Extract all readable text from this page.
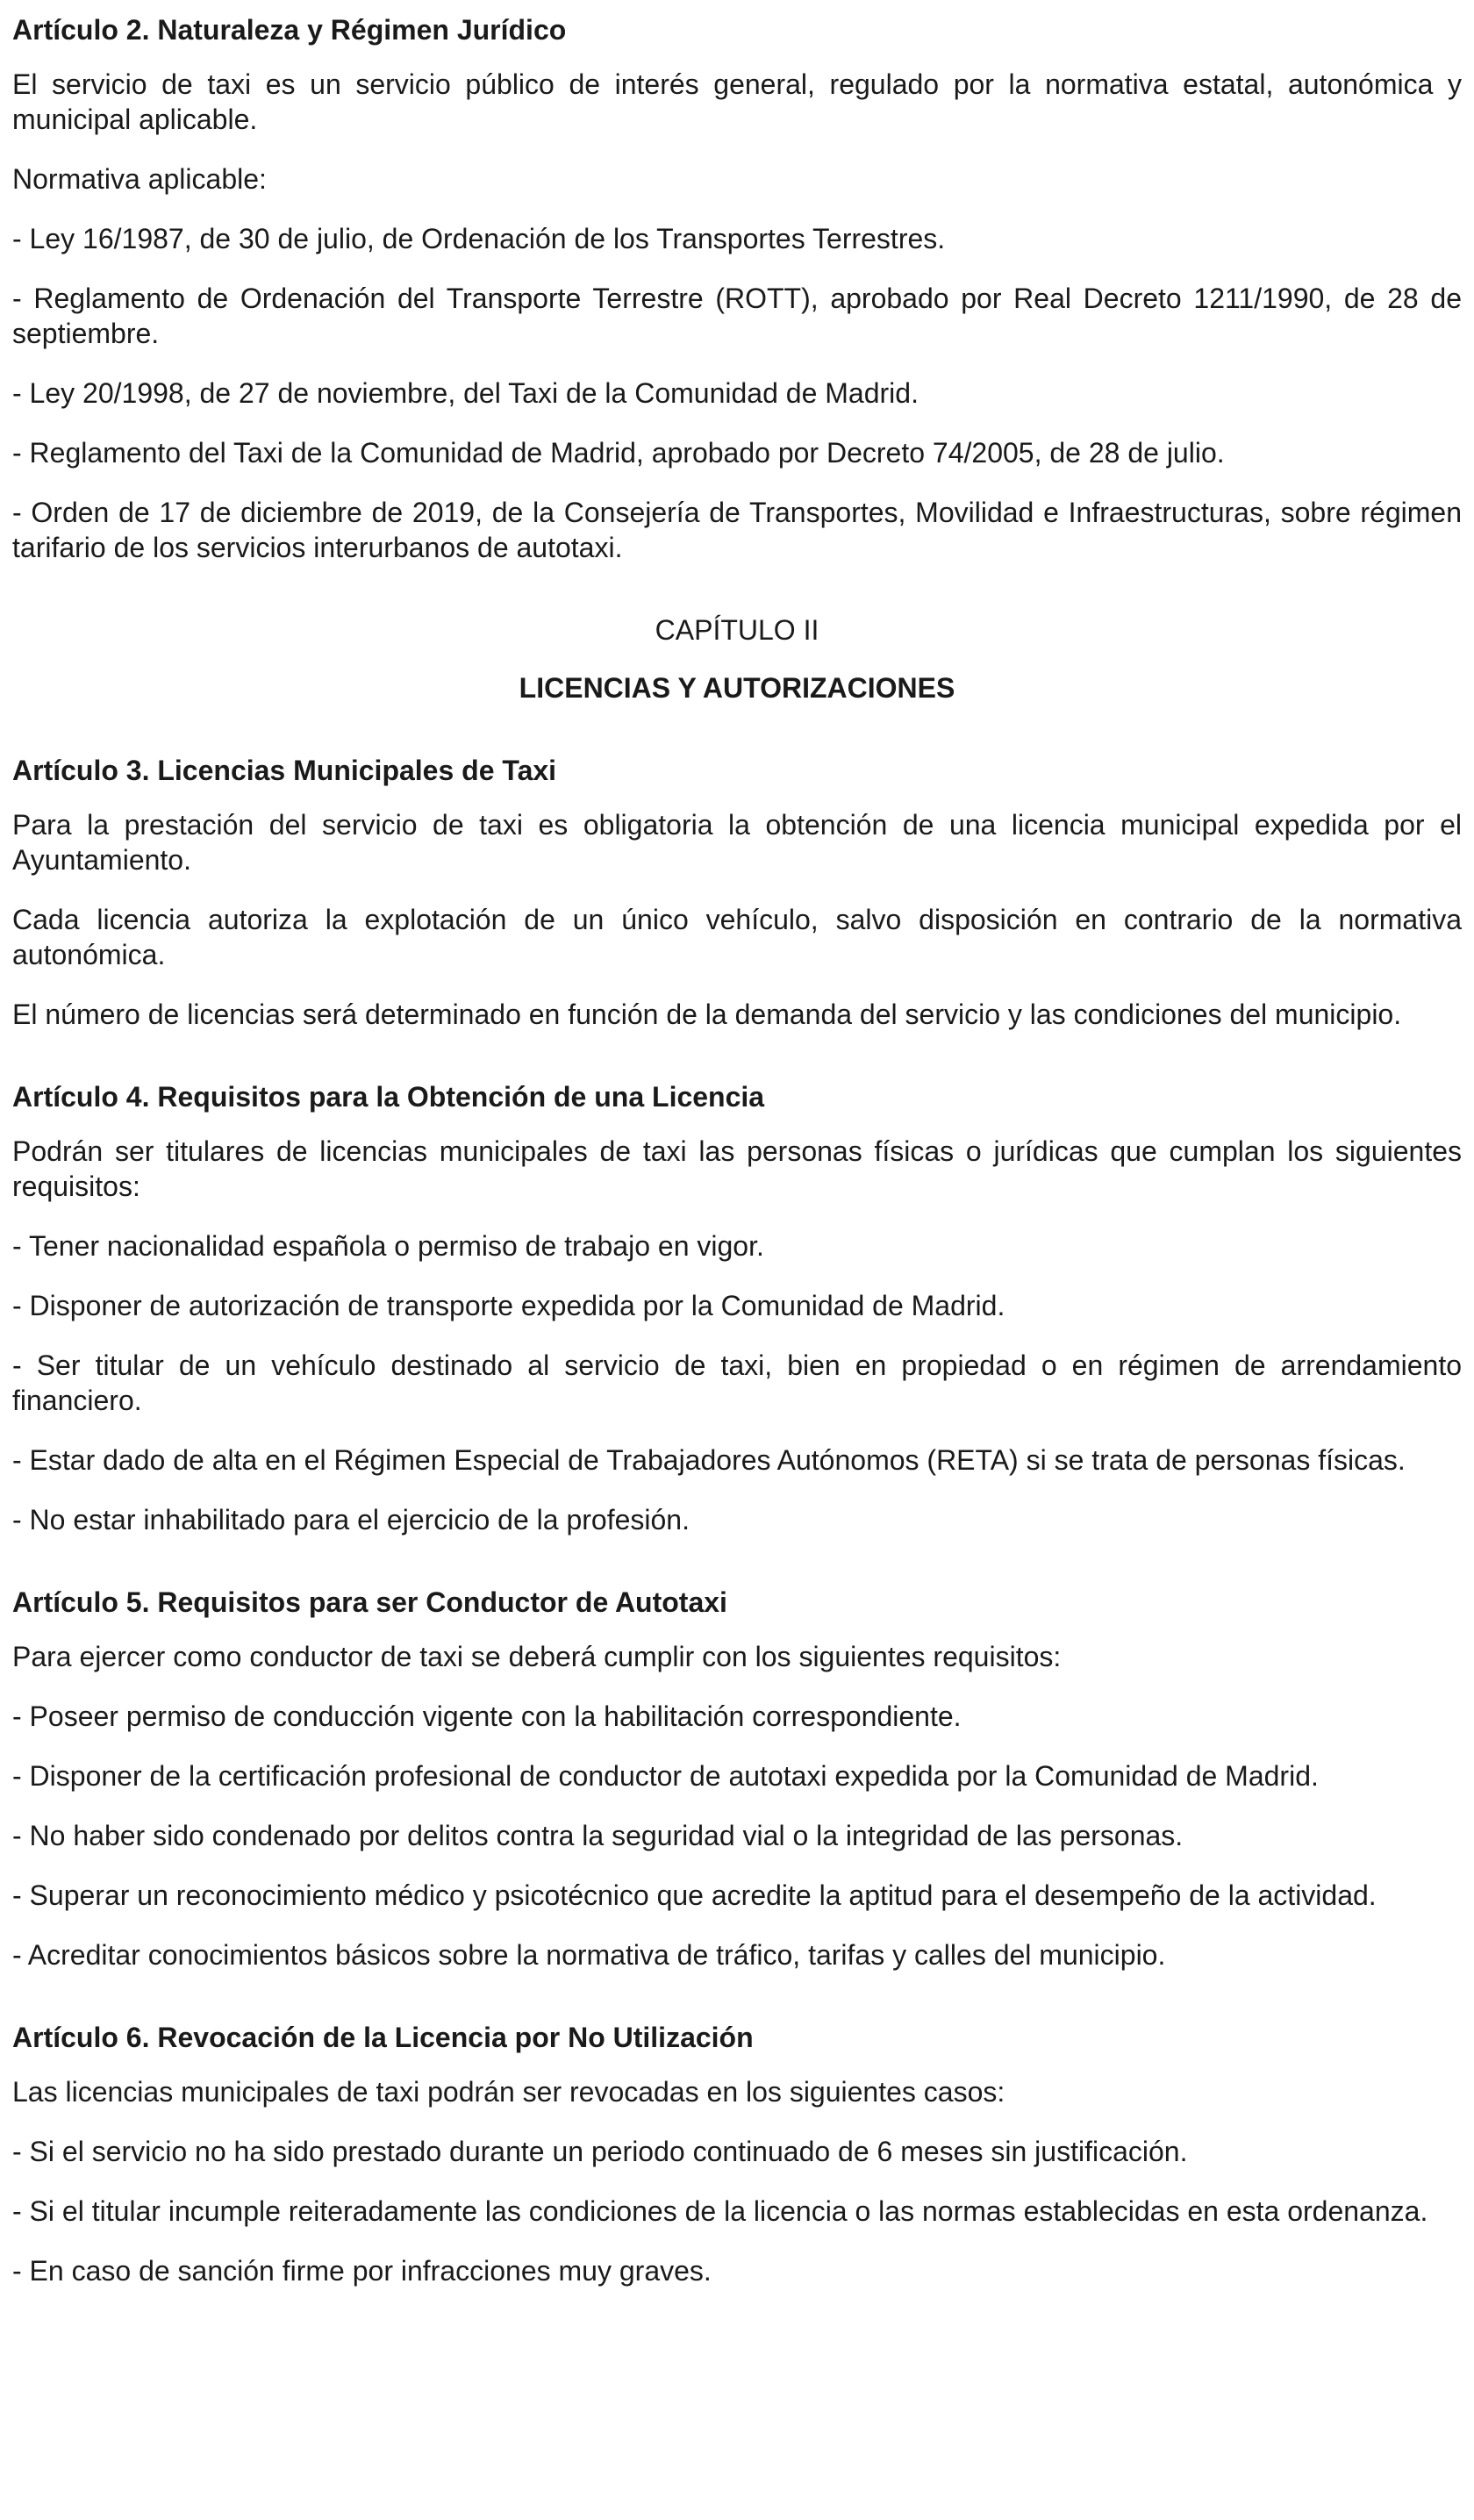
Artículo 2. Naturaleza y Régimen Jurídico

El servicio de taxi es un servicio público de interés general, regulado por la normativa estatal, autonómica y municipal aplicable.

Normativa aplicable:

- Ley 16/1987, de 30 de julio, de Ordenación de los Transportes Terrestres.

- Reglamento de Ordenación del Transporte Terrestre (ROTT), aprobado por Real Decreto 1211/1990, de 28 de septiembre.

- Ley 20/1998, de 27 de noviembre, del Taxi de la Comunidad de Madrid.

- Reglamento del Taxi de la Comunidad de Madrid, aprobado por Decreto 74/2005, de 28 de julio.

- Orden de 17 de diciembre de 2019, de la Consejería de Transportes, Movilidad e Infraestructuras, sobre régimen tarifario de los servicios interurbanos de autotaxi.

CAPÍTULO II
LICENCIAS Y AUTORIZACIONES
Artículo 3. Licencias Municipales de Taxi

Para la prestación del servicio de taxi es obligatoria la obtención de una licencia municipal expedida por el Ayuntamiento.

Cada licencia autoriza la explotación de un único vehículo, salvo disposición en contrario de la normativa autonómica.

El número de licencias será determinado en función de la demanda del servicio y las condiciones del municipio.

Artículo 4. Requisitos para la Obtención de una Licencia

Podrán ser titulares de licencias municipales de taxi las personas físicas o jurídicas que cumplan los siguientes requisitos:

- Tener nacionalidad española o permiso de trabajo en vigor.

- Disponer de autorización de transporte expedida por la Comunidad de Madrid.

- Ser titular de un vehículo destinado al servicio de taxi, bien en propiedad o en régimen de arrendamiento financiero.

- Estar dado de alta en el Régimen Especial de Trabajadores Autónomos (RETA) si se trata de personas físicas.

- No estar inhabilitado para el ejercicio de la profesión.

Artículo 5. Requisitos para ser Conductor de Autotaxi

Para ejercer como conductor de taxi se deberá cumplir con los siguientes requisitos:

- Poseer permiso de conducción vigente con la habilitación correspondiente.

- Disponer de la certificación profesional de conductor de autotaxi expedida por la Comunidad de Madrid.

- No haber sido condenado por delitos contra la seguridad vial o la integridad de las personas.

- Superar un reconocimiento médico y psicotécnico que acredite la aptitud para el desempeño de la actividad.

- Acreditar conocimientos básicos sobre la normativa de tráfico, tarifas y calles del municipio.

Artículo 6. Revocación de la Licencia por No Utilización

Las licencias municipales de taxi podrán ser revocadas en los siguientes casos:

- Si el servicio no ha sido prestado durante un periodo continuado de 6 meses sin justificación.

- Si el titular incumple reiteradamente las condiciones de la licencia o las normas establecidas en esta ordenanza.

- En caso de sanción firme por infracciones muy graves.
